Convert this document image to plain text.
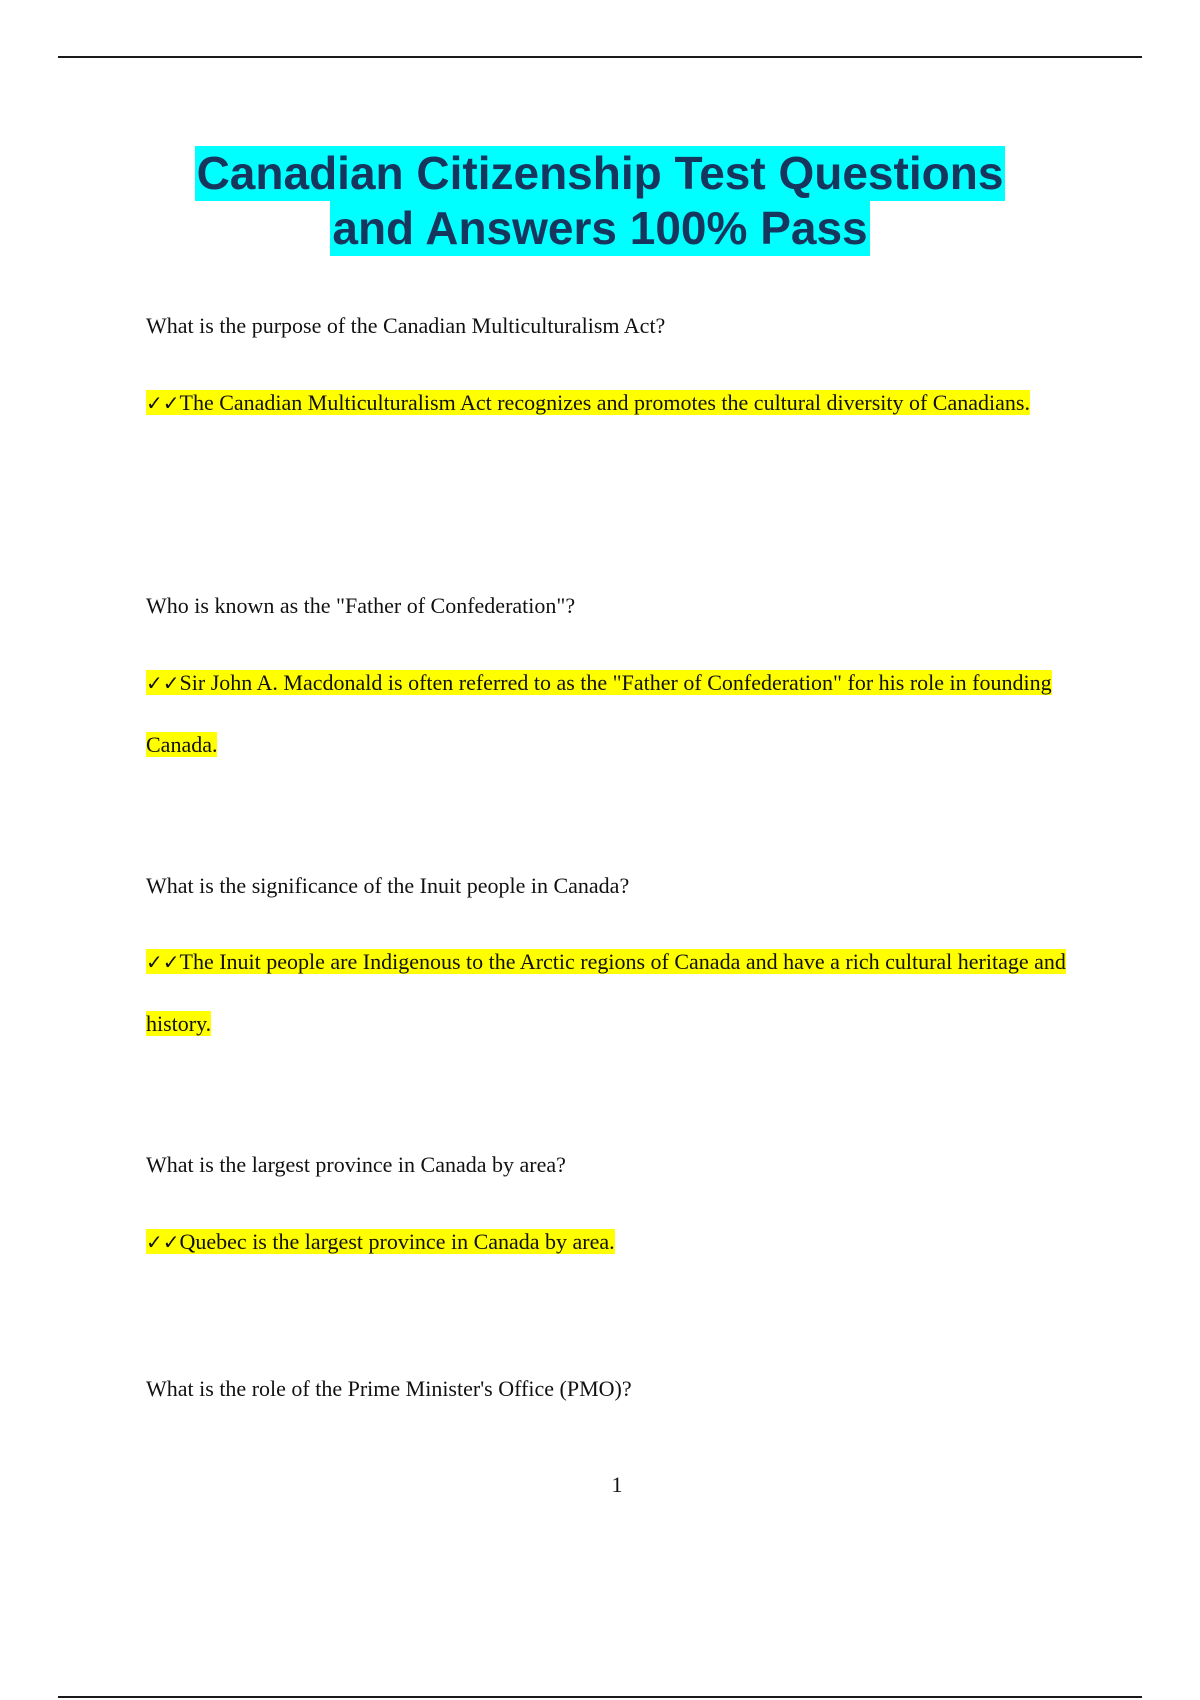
Canadian Citizenship Test Questions
and Answers 100% Pass
What is the purpose of the Canadian Multiculturalism Act?
✓✓The Canadian Multiculturalism Act recognizes and promotes the cultural diversity of Canadians.
Who is known as the "Father of Confederation"?
✓✓Sir John A. Macdonald is often referred to as the "Father of Confederation" for his role in founding Canada.
What is the significance of the Inuit people in Canada?
✓✓The Inuit people are Indigenous to the Arctic regions of Canada and have a rich cultural heritage and history.
What is the largest province in Canada by area?
✓✓Quebec is the largest province in Canada by area.
What is the role of the Prime Minister's Office (PMO)?
1
